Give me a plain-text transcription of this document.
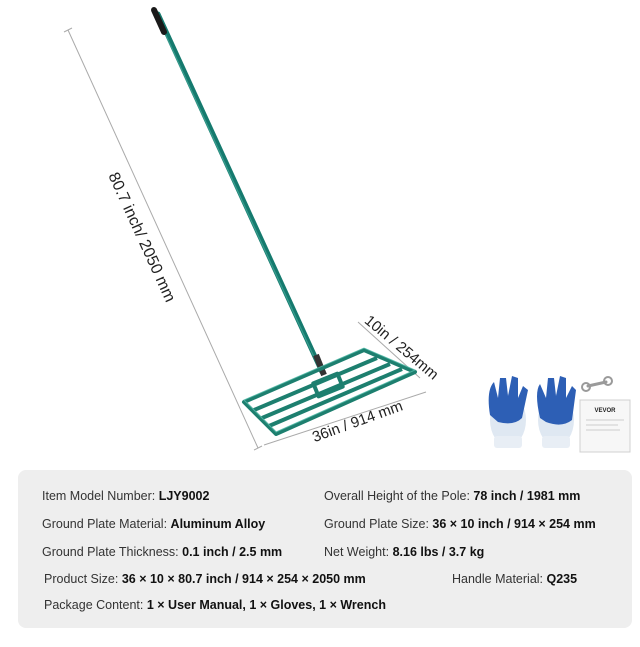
VEVOR
80.7 inch/ 2050 mm
10in / 254mm
36in / 914 mm
Item Model Number: LJY9002	Overall Height of the Pole: 78 inch / 1981 mm
Ground Plate Material: Aluminum Alloy	Ground Plate Size: 36 × 10 inch / 914 × 254 mm
Ground Plate Thickness: 0.1 inch / 2.5 mm	Net Weight: 8.16 lbs / 3.7 kg
Product Size: 36 × 10 × 80.7 inch / 914 × 254 × 2050 mm	Handle Material: Q235
Package Content: 1 × User Manual, 1 × Gloves, 1 × Wrench
